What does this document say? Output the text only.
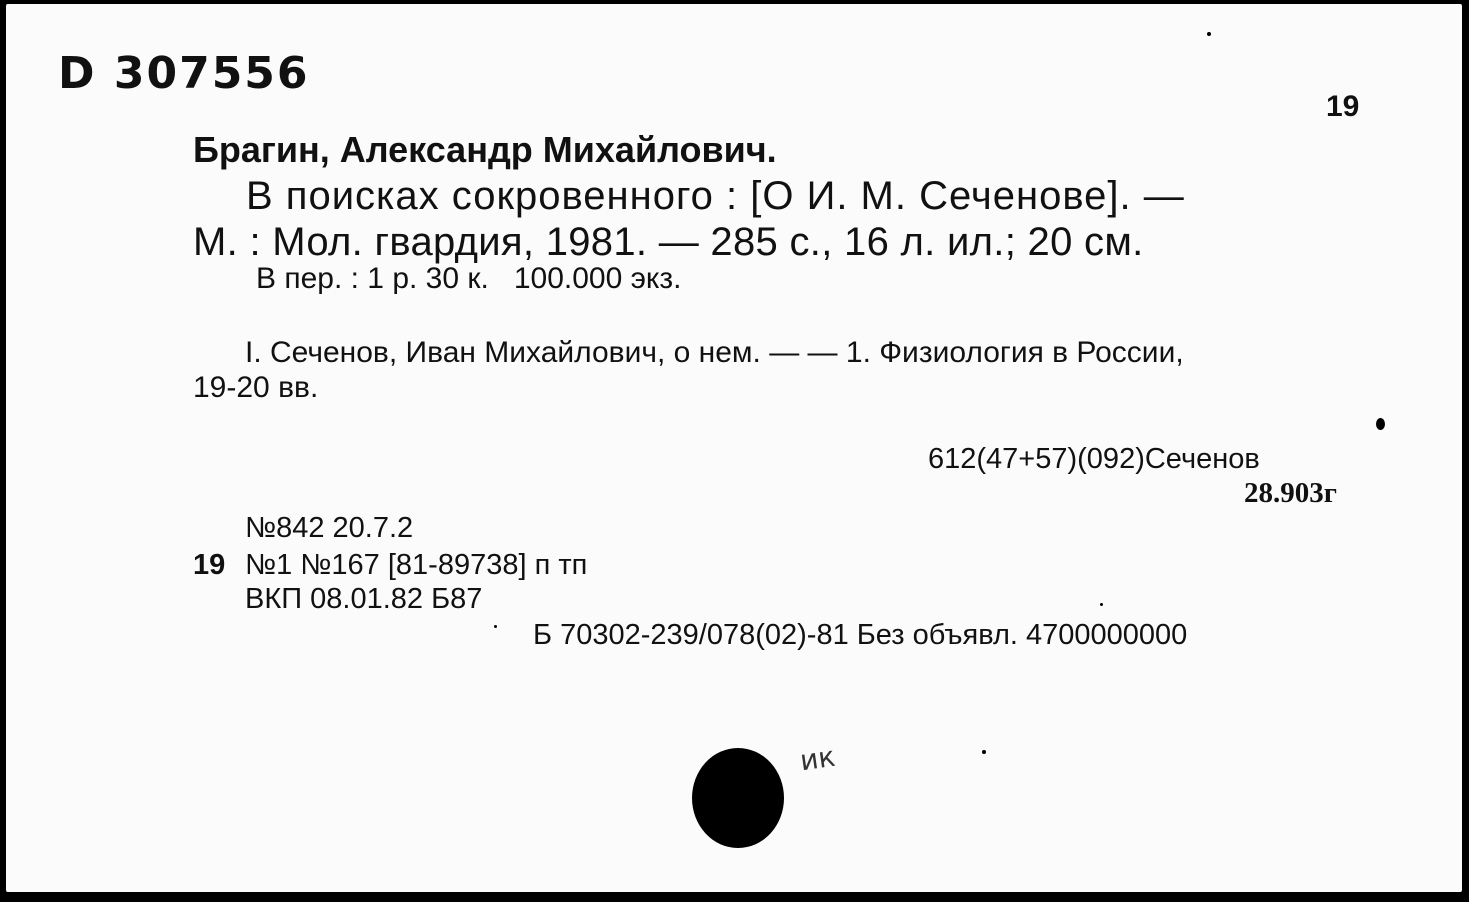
D 307556
19
Брагин, Александр Михайлович.
В поисках сокровенного : [О И. М. Сеченове]. —
М. : Мол. гвардия, 1981. — 285 с., 16 л. ил.; 20 см.
В пер. : 1 р. 30 к.   100.000 экз.
I. Сеченов, Иван Михайлович, о нем. — — 1. Физиология в России,
19-20 вв.
612(47+57)(092)Сеченов
28.903г
№842 20.7.2
19 №1 №167 [81-89738] п тп
ВКП 08.01.82 Б87
Б 70302-239/078(02)-81 Без объявл. 4700000000
ик
